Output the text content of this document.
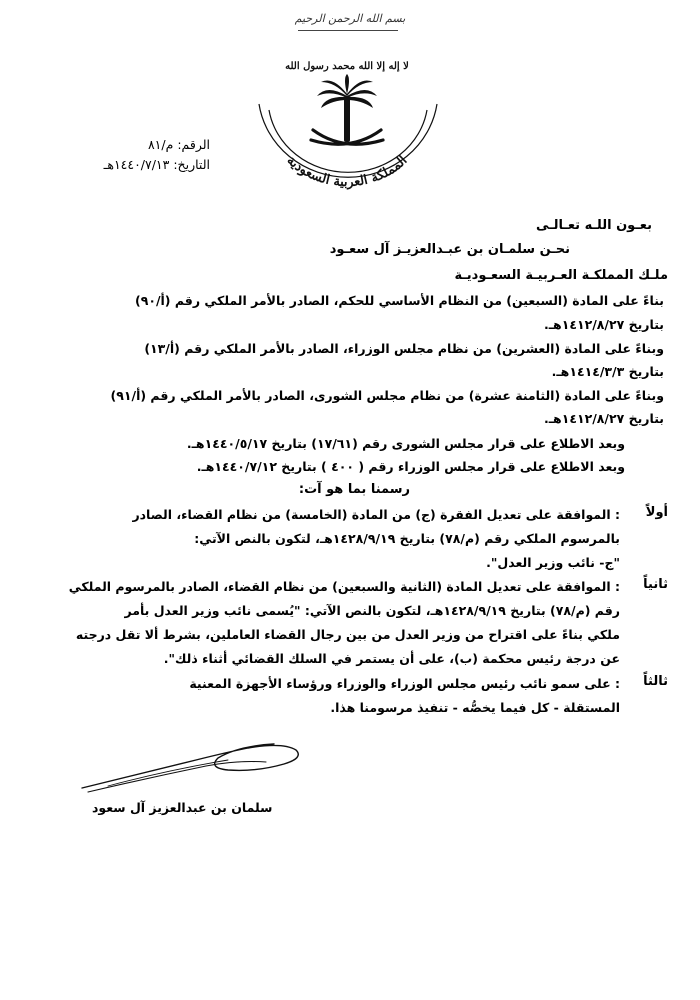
بسم الله الرحمن الرحيم
لا إله إلا الله محمد رسول الله
المملكة العربية السعودية
الرقم: م/٨١
التاريخ: ١٤٤٠/٧/١٣هـ
بعـون اللـه تعـالـى
نحـن سلمـان بن عبـدالعزيـز آل سعـود
ملـك المملكـة العـربيـة السعـوديـة
بناءً على المادة (السبعين) من النظام الأساسي للحكم، الصادر بالأمر الملكي رقم (أ/٩٠)
بتاريخ ١٤١٢/٨/٢٧هـ.
وبناءً على المادة (العشرين) من نظام مجلس الوزراء، الصادر بالأمر الملكي رقم (أ/١٣)
بتاريخ ١٤١٤/٣/٣هـ.
وبناءً على المادة (الثامنة عشرة) من نظام مجلس الشورى، الصادر بالأمر الملكي رقم (أ/٩١)
بتاريخ ١٤١٢/٨/٢٧هـ.
وبعد الاطلاع على قرار مجلس الشورى رقم (١٧/٦١) بتاريخ ١٤٤٠/٥/١٧هـ.
وبعد الاطلاع على قرار مجلس الوزراء رقم ( ٤٠٠ ) بتاريخ ١٤٤٠/٧/١٢هـ.
رسمنا بما هو آت:
أولاً
: الموافقة على تعديل الفقرة (ج) من المادة (الخامسة) من نظام القضاء، الصادر
بالمرسوم الملكي رقم (م/٧٨) بتاريخ ١٤٢٨/٩/١٩هـ، لتكون بالنص الآتي:
"ج- نائب وزير العدل".
ثانياً
: الموافقة على تعديل المادة (الثانية والسبعين) من نظام القضاء، الصادر بالمرسوم الملكي
رقم (م/٧٨) بتاريخ ١٤٢٨/٩/١٩هـ، لتكون بالنص الآتي: "يُسمى نائب وزير العدل بأمر
ملكي بناءً على اقتراح من وزير العدل من بين رجال القضاء العاملين، بشرط ألا تقل درجته
عن درجة رئيس محكمة (ب)، على أن يستمر في السلك القضائي أثناء ذلك".
ثالثاً
: على سمو نائب رئيس مجلس الوزراء والوزراء ورؤساء الأجهزة المعنية
المستقلة - كل فيما يخصُّه - تنفيذ مرسومنا هذا.
سلمان بن عبدالعزيز آل سعود
